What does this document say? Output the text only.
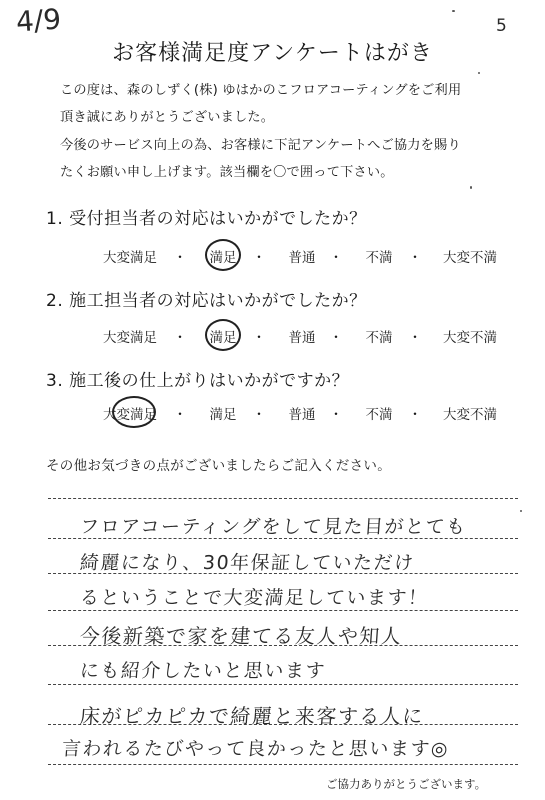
4/9	5
お客様満足度アンケートはがき
この度は、森のしずく(株) ゆはかのこフロアコーティングをご利用
頂き誠にありがとうございました。
今後のサービス向上の為、お客様に下記アンケートへご協力を賜り
たくお願い申し上げます。該当欄を〇で囲って下さい。
1. 受付担当者の対応はいかがでしたか？
大変満足	・	満足	・	普通	・	不満	・	大変不満
2. 施工担当者の対応はいかがでしたか？
大変満足	・	満足	・	普通	・	不満	・	大変不満
3. 施工後の仕上がりはいかがですか？
大変満足	・	満足	・	普通	・	不満	・	大変不満
その他お気づきの点がございましたらご記入ください。
フロアコーティングをして見た目がとても
綺麗になり、30年保証していただけ
るということで大変満足しています！
今後新築で家を建てる友人や知人
にも紹介したいと思います
床がピカピカで綺麗と来客する人に
言われるたびやって良かったと思います◎
ご協力ありがとうございます。
